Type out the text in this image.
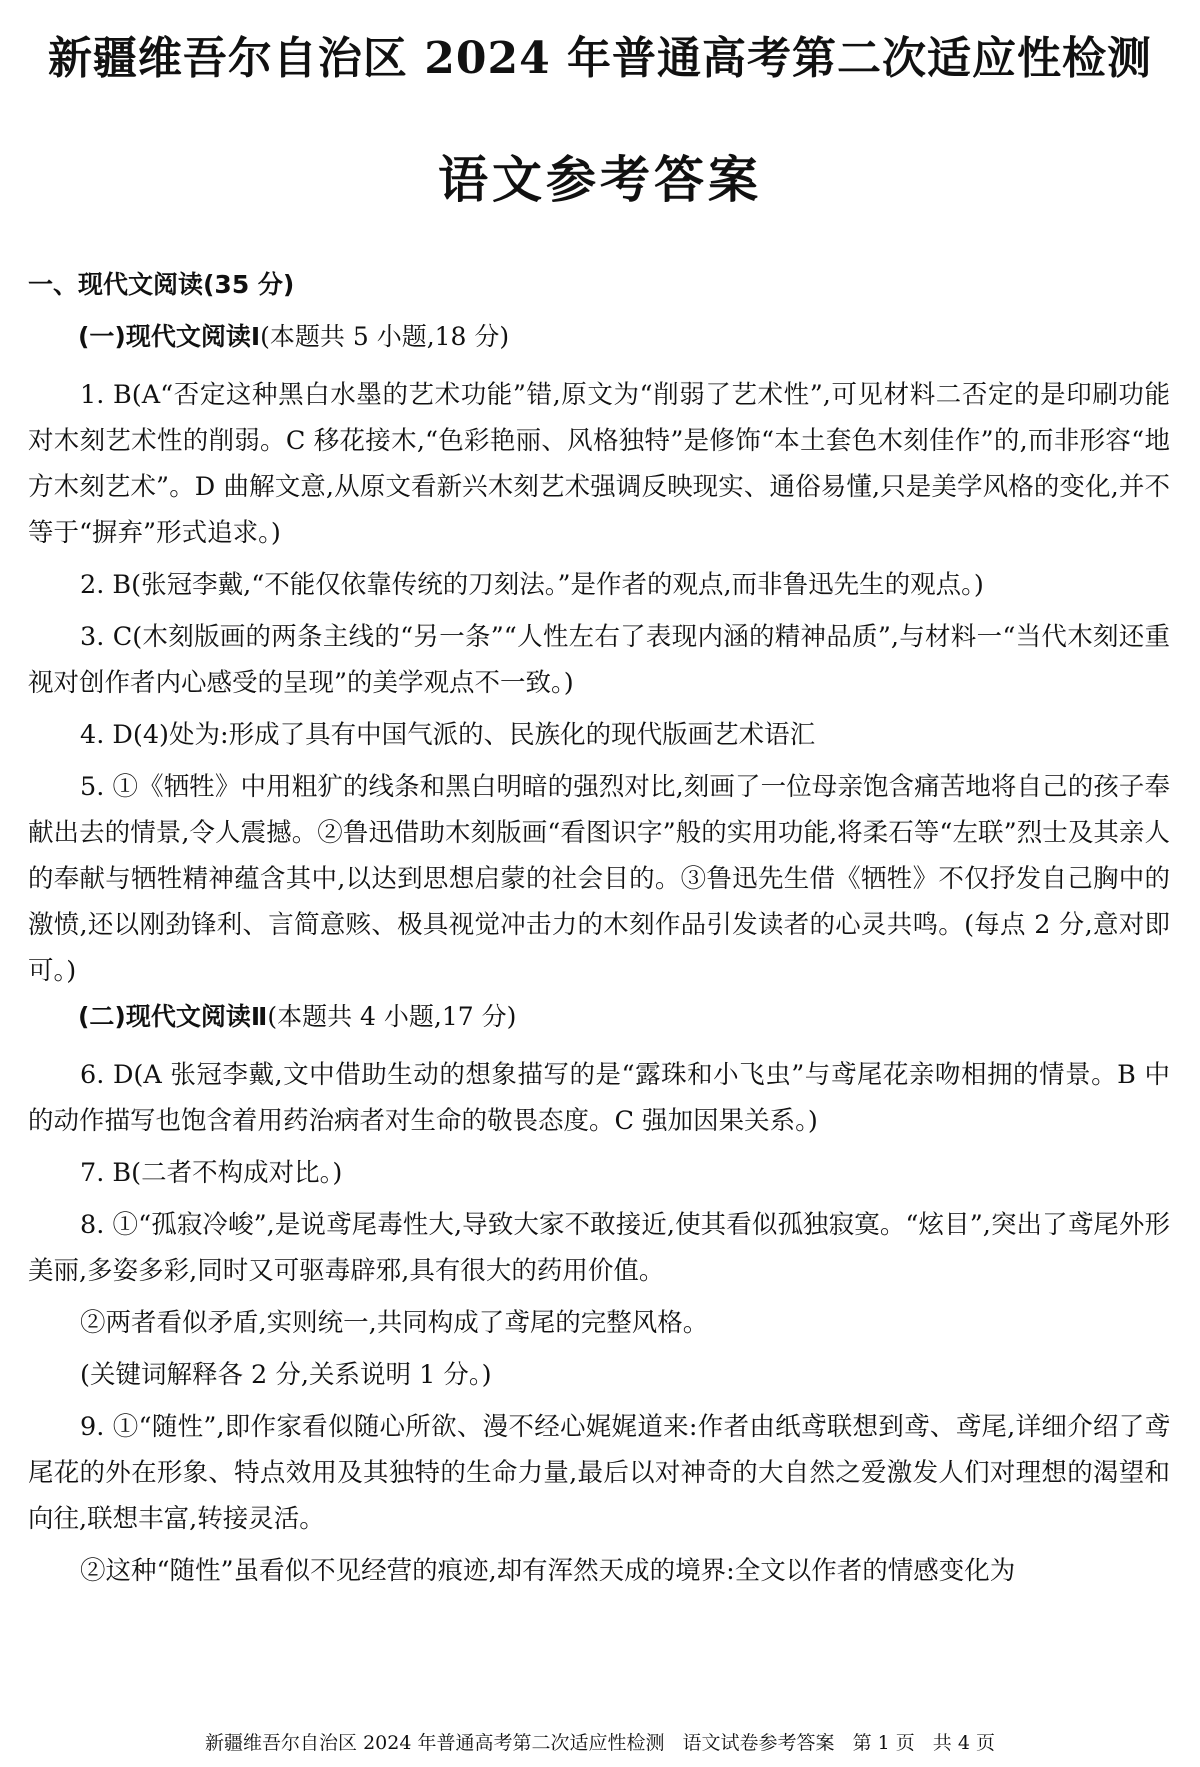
新疆维吾尔自治区 2024 年普通高考第二次适应性检测
语文参考答案
一、现代文阅读(35 分)
(一)现代文阅读Ⅰ(本题共 5 小题,18 分)

1. B(A“否定这种黑白水墨的艺术功能”错,原文为“削弱了艺术性”,可见材料二否定的是印刷功能对木刻艺术性的削弱。C 移花接木,“色彩艳丽、风格独特”是修饰“本土套色木刻佳作”的,而非形容“地方木刻艺术”。D 曲解文意,从原文看新兴木刻艺术强调反映现实、通俗易懂,只是美学风格的变化,并不等于“摒弃”形式追求。)

2. B(张冠李戴,“不能仅依靠传统的刀刻法。”是作者的观点,而非鲁迅先生的观点。)

3. C(木刻版画的两条主线的“另一条”“人性左右了表现内涵的精神品质”,与材料一“当代木刻还重视对创作者内心感受的呈现”的美学观点不一致。)

4. D(4)处为:形成了具有中国气派的、民族化的现代版画艺术语汇

5. ①《牺牲》中用粗犷的线条和黑白明暗的强烈对比,刻画了一位母亲饱含痛苦地将自己的孩子奉献出去的情景,令人震撼。②鲁迅借助木刻版画“看图识字”般的实用功能,将柔石等“左联”烈士及其亲人的奉献与牺牲精神蕴含其中,以达到思想启蒙的社会目的。③鲁迅先生借《牺牲》不仅抒发自己胸中的激愤,还以刚劲锋利、言简意赅、极具视觉冲击力的木刻作品引发读者的心灵共鸣。(每点 2 分,意对即可。)

(二)现代文阅读Ⅱ(本题共 4 小题,17 分)

6. D(A 张冠李戴,文中借助生动的想象描写的是“露珠和小飞虫”与鸢尾花亲吻相拥的情景。B 中的动作描写也饱含着用药治病者对生命的敬畏态度。C 强加因果关系。)

7. B(二者不构成对比。)

8. ①“孤寂冷峻”,是说鸢尾毒性大,导致大家不敢接近,使其看似孤独寂寞。“炫目”,突出了鸢尾外形美丽,多姿多彩,同时又可驱毒辟邪,具有很大的药用价值。

②两者看似矛盾,实则统一,共同构成了鸢尾的完整风格。

(关键词解释各 2 分,关系说明 1 分。)

9. ①“随性”,即作家看似随心所欲、漫不经心娓娓道来:作者由纸鸢联想到鸢、鸢尾,详细介绍了鸢尾花的外在形象、特点效用及其独特的生命力量,最后以对神奇的大自然之爱激发人们对理想的渴望和向往,联想丰富,转接灵活。

②这种“随性”虽看似不见经营的痕迹,却有浑然天成的境界:全文以作者的情感变化为

新疆维吾尔自治区 2024 年普通高考第二次适应性检测 语文试卷参考答案 第 1 页 共 4 页
